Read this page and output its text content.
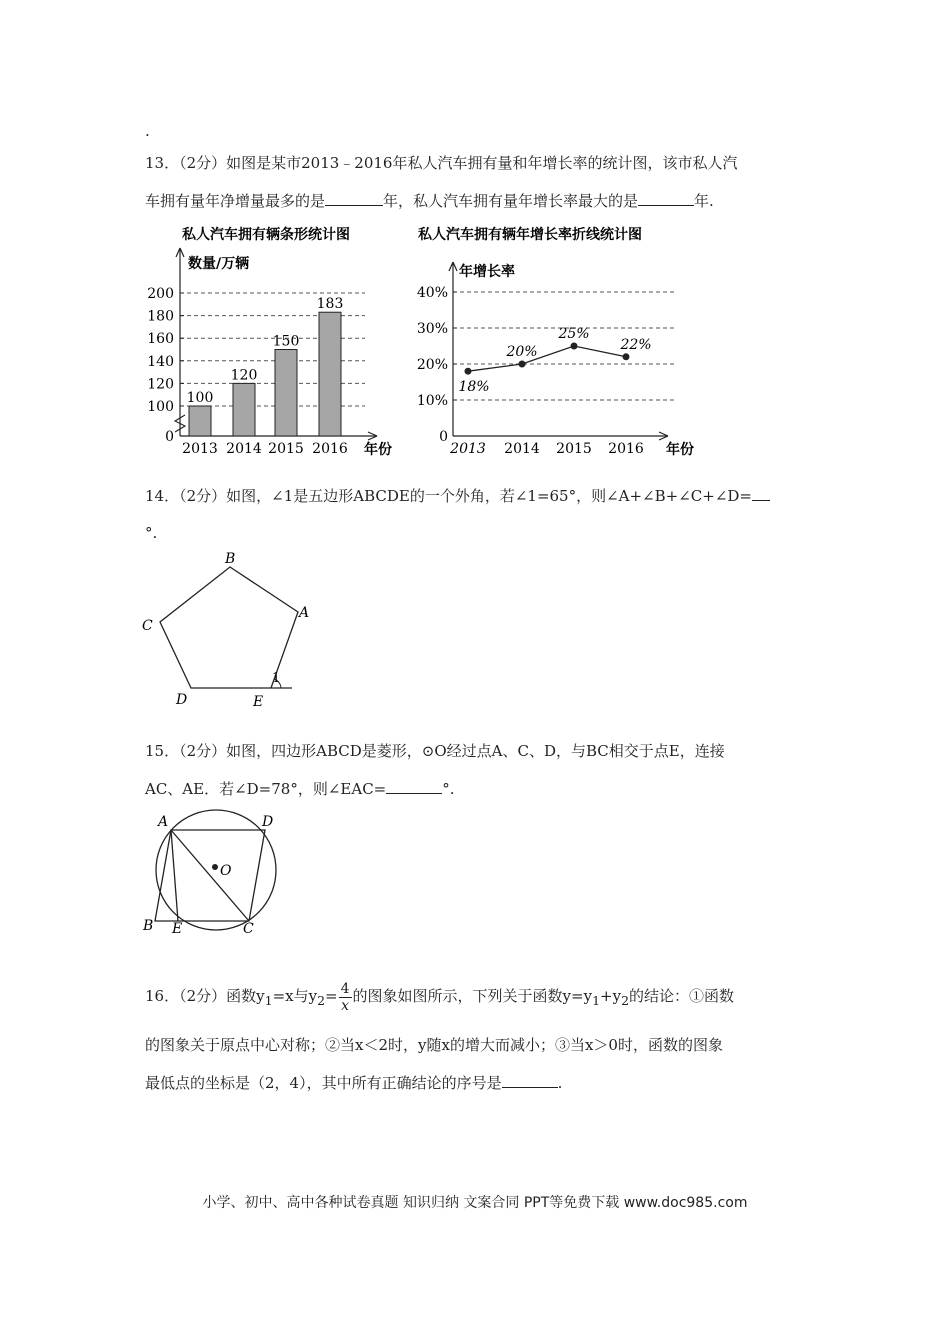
.
13．（2分）如图是某市2013﹣2016年私人汽车拥有量和年增长率的统计图，该市私人汽
车拥有量年净增量最多的是	年，私人汽车拥有量年增长率最大的是	年.
私人汽车拥有辆条形统计图
0
100
120
140
160
180
200
数量/万辆
年份
100
2013
120
2014
150
2015
183
2016
私人汽车拥有辆年增长率折线统计图
0
10%
20%
30%
40%
年增长率
年份
18%
2013
20%
2014
25%
2015
22%
2016
14．（2分）如图，∠1是五边形ABCDE的一个外角，若∠1=65°，则∠A+∠B+∠C+∠D=
°.
B
A
C
D	E
1
15．（2分）如图，四边形ABCD是菱形，⊙O经过点A、C、D，与BC相交于点E，连接
AC、AE．若∠D=78°，则∠EAC=	°.
A	D
O
B E	C
16．（2分）函数$y_1=x$与$y_2= \frac{4}{x}$ 的图象如图所示，下列关于函数$y=y_1+y_2$的结论：①函数
的图象关于原点中心对称；②当x＜2时，y随x的增大而减小；③当x＞0时，函数的图象
最低点的坐标是（2，4），其中所有正确结论的序号是	.
小学、初中、高中各种试卷真题 知识归纳 文案合同 PPT等免费下载 www.doc985.com
